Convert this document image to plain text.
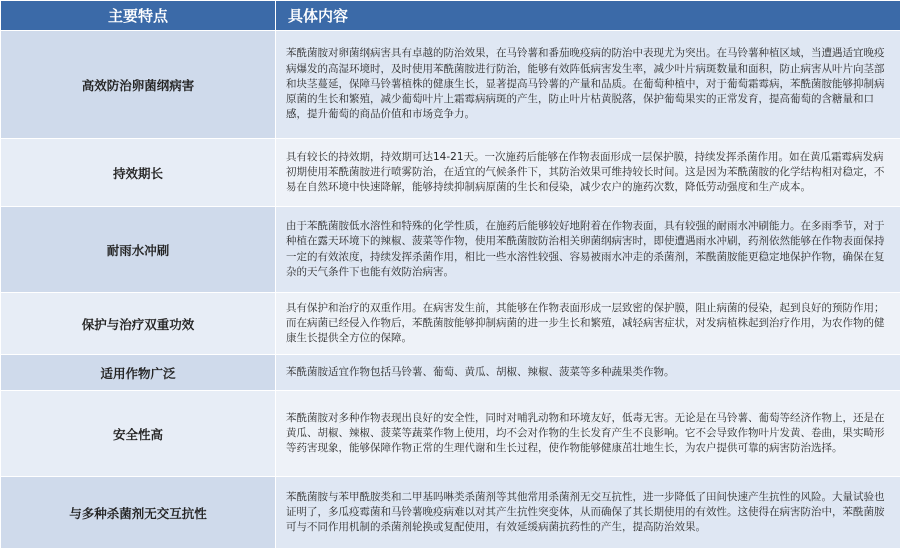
主要特点	具体内容
高效防治卵菌纲病害	苯酰菌胺对卵菌纲病害具有卓越的防治效果，在马铃薯和番茄晚疫病的防治中表现尤为突出。在马铃薯种植区域，当遭遇适宜晚疫病爆发的高湿环境时，及时使用苯酰菌胺进行防治，能够有效阵低病害发生率，减少叶片病斑数量和面积，防止病害从叶片向茎部和块茎蔓延，保障马铃薯植株的健康生长，显著提高马铃薯的产量和品质。在葡萄种植中，对于葡萄霜霉病，苯酰菌胺能够抑制病原菌的生长和繁殖，减少葡萄叶片上霜霉病病斑的产生，防止叶片枯黄脱落，保护葡萄果实的正常发育，提高葡萄的含糖量和口感，提升葡萄的商品价值和市场竞争力。
持效期长	具有较长的持效期，持效期可达14-21天。一次施药后能够在作物表面形成一层保护膜，持续发挥杀菌作用。如在黄瓜霜霉病发病初期使用苯酰菌胺进行喷雾防治，在适宜的气候条件下，其防治效果可维持较长时间。这是因为苯酰菌胺的化学结构相对稳定，不易在自然环境中快速降解，能够持续抑制病原菌的生长和侵染，减少农户的施药次数，降低劳动强度和生产成本。
耐雨水冲刷	由于苯酰菌胺低水溶性和特殊的化学性质，在施药后能够较好地附着在作物表面，具有较强的耐雨水冲刷能力。在多雨季节，对于种植在露天环境下的辣椒、菠菜等作物，使用苯酰菌胺防治相关卵菌纲病害时，即使遭遇雨水冲刷，药剂依然能够在作物表面保持一定的有效浓度，持续发挥杀菌作用，相比一些水溶性较强、容易被雨水冲走的杀菌剂，苯酰菌胺能更稳定地保护作物，确保在复杂的天气条件下也能有效防治病害。
保护与治疗双重功效	具有保护和治疗的双重作用。在病害发生前，其能够在作物表面形成一层致密的保护膜，阻止病菌的侵染，起到良好的预防作用；而在病菌已经侵入作物后，苯酰菌胺能够抑制病菌的进一步生长和繁殖，减轻病害症状，对发病植株起到治疗作用，为农作物的健康生长提供全方位的保障。
适用作物广泛	苯酰菌胺适宜作物包括马铃薯、葡萄、黄瓜、胡椒、辣椒、菠菜等多种蔬果类作物。
安全性高	苯酰菌胺对多种作物表现出良好的安全性，同时对哺乳动物和环境友好，低毒无害。无论是在马铃薯、葡萄等经济作物上，还是在黄瓜、胡椒、辣椒、菠菜等蔬菜作物上使用，均不会对作物的生长发育产生不良影响。它不会导致作物叶片发黄、卷曲，果实畸形等药害现象，能够保障作物正常的生理代谢和生长过程，使作物能够健康茁壮地生长，为农户提供可靠的病害防治选择。
与多种杀菌剂无交互抗性	苯酰菌胺与苯甲酰胺类和二甲基吗啉类杀菌剂等其他常用杀菌剂无交互抗性，进一步降低了田间快速产生抗性的风险。大量试验也证明了，多瓜疫霉菌和马铃薯晚疫病难以对其产生抗性突变体，从而确保了其长期使用的有效性。这使得在病害防治中，苯酰菌胺可与不同作用机制的杀菌剂轮换或复配使用，有效延缓病菌抗药性的产生，提高防治效果。
